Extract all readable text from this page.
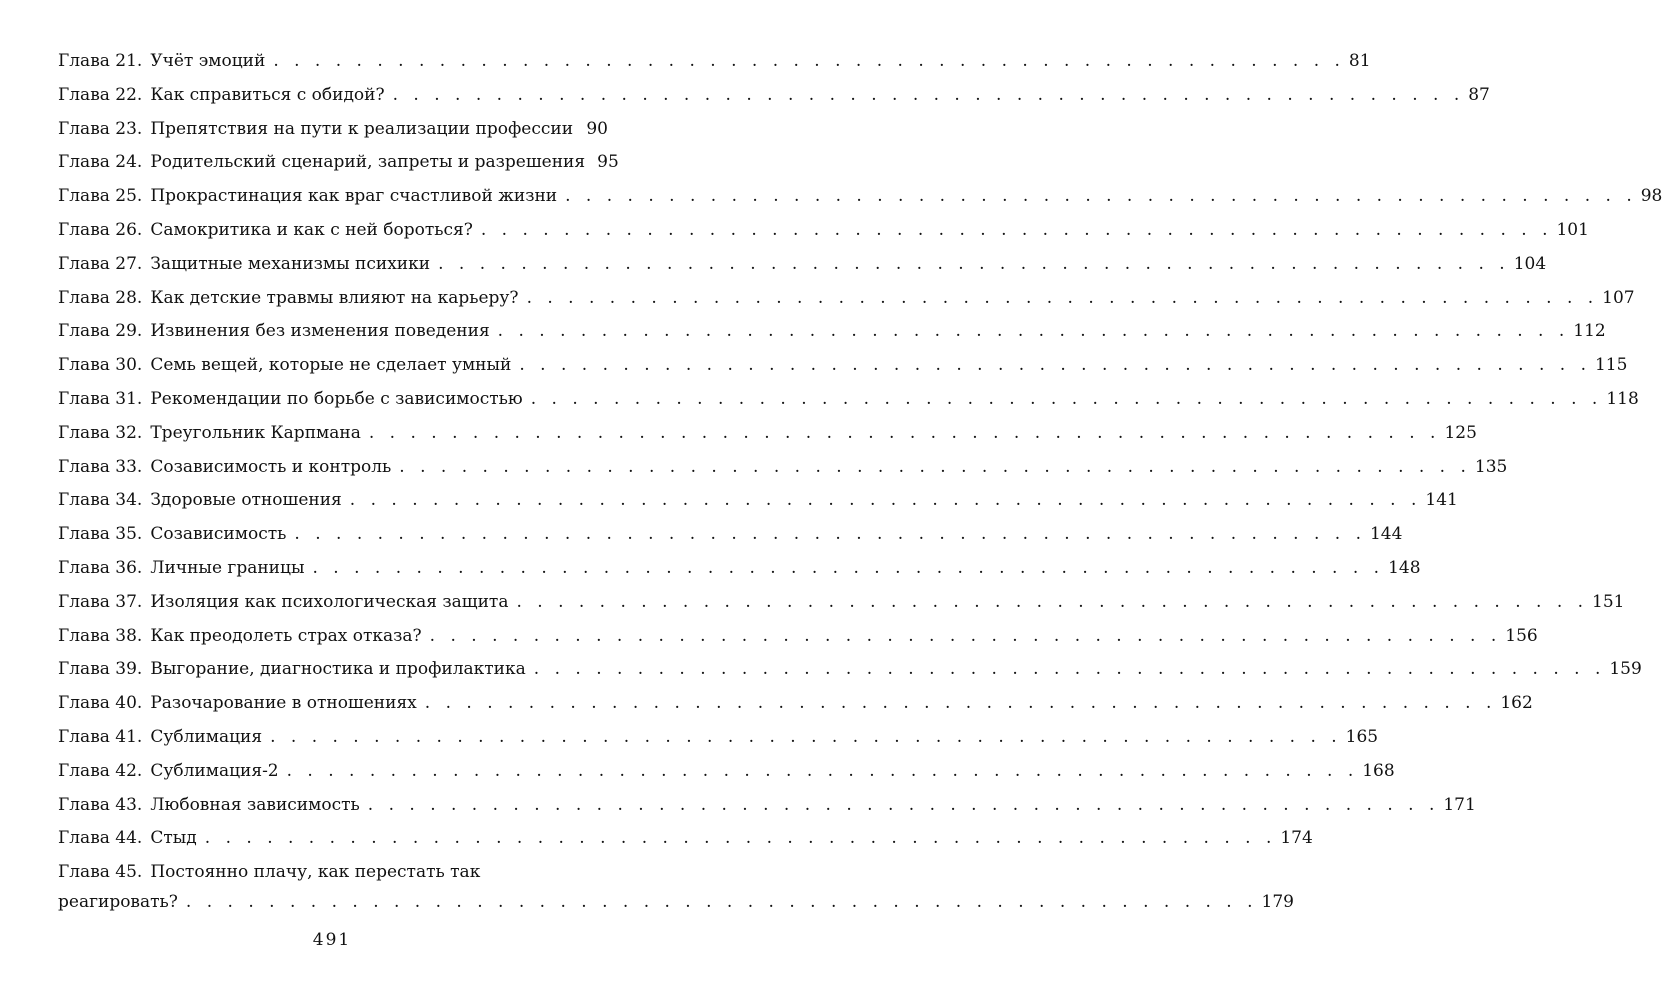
Глава 21. Учёт эмоций . . . . . . . . . . . . . . . . . . . . . . . . . . . . . . . . . . . . . . . . . . . . . . . . . . . . 81
Глава 22. Как справиться с обидой? . . . . . . . . . . . . . . . . . . . . . . . . . . . . . . . . . . . . . . . . . . . . . . . . . . . . 87
Глава 23. Препятствия на пути к реализации профессии 90
Глава 24. Родительский сценарий, запреты и разрешения 95
Глава 25. Прокрастинация как враг счастливой жизни . . . . . . . . . . . . . . . . . . . . . . . . . . . . . . . . . . . . . . . . . . . . . . . . . . . . 98
Глава 26. Самокритика и как с ней бороться? . . . . . . . . . . . . . . . . . . . . . . . . . . . . . . . . . . . . . . . . . . . . . . . . . . . . 101
Глава 27. Защитные механизмы психики . . . . . . . . . . . . . . . . . . . . . . . . . . . . . . . . . . . . . . . . . . . . . . . . . . . . 104
Глава 28. Как детские травмы влияют на карьеру? . . . . . . . . . . . . . . . . . . . . . . . . . . . . . . . . . . . . . . . . . . . . . . . . . . . . 107
Глава 29. Извинения без изменения поведения . . . . . . . . . . . . . . . . . . . . . . . . . . . . . . . . . . . . . . . . . . . . . . . . . . . . 112
Глава 30. Семь вещей, которые не сделает умный . . . . . . . . . . . . . . . . . . . . . . . . . . . . . . . . . . . . . . . . . . . . . . . . . . . . 115
Глава 31. Рекомендации по борьбе с зависимостью . . . . . . . . . . . . . . . . . . . . . . . . . . . . . . . . . . . . . . . . . . . . . . . . . . . . 118
Глава 32. Треугольник Карпмана . . . . . . . . . . . . . . . . . . . . . . . . . . . . . . . . . . . . . . . . . . . . . . . . . . . . 125
Глава 33. Созависимость и контроль . . . . . . . . . . . . . . . . . . . . . . . . . . . . . . . . . . . . . . . . . . . . . . . . . . . . 135
Глава 34. Здоровые отношения . . . . . . . . . . . . . . . . . . . . . . . . . . . . . . . . . . . . . . . . . . . . . . . . . . . . 141
Глава 35. Созависимость . . . . . . . . . . . . . . . . . . . . . . . . . . . . . . . . . . . . . . . . . . . . . . . . . . . . 144
Глава 36. Личные границы . . . . . . . . . . . . . . . . . . . . . . . . . . . . . . . . . . . . . . . . . . . . . . . . . . . . 148
Глава 37. Изоляция как психологическая защита . . . . . . . . . . . . . . . . . . . . . . . . . . . . . . . . . . . . . . . . . . . . . . . . . . . . 151
Глава 38. Как преодолеть страх отказа? . . . . . . . . . . . . . . . . . . . . . . . . . . . . . . . . . . . . . . . . . . . . . . . . . . . . 156
Глава 39. Выгорание, диагностика и профилактика . . . . . . . . . . . . . . . . . . . . . . . . . . . . . . . . . . . . . . . . . . . . . . . . . . . . 159
Глава 40. Разочарование в отношениях . . . . . . . . . . . . . . . . . . . . . . . . . . . . . . . . . . . . . . . . . . . . . . . . . . . . 162
Глава 41. Сублимация . . . . . . . . . . . . . . . . . . . . . . . . . . . . . . . . . . . . . . . . . . . . . . . . . . . . 165
Глава 42. Сублимация-2 . . . . . . . . . . . . . . . . . . . . . . . . . . . . . . . . . . . . . . . . . . . . . . . . . . . . 168
Глава 43. Любовная зависимость . . . . . . . . . . . . . . . . . . . . . . . . . . . . . . . . . . . . . . . . . . . . . . . . . . . . 171
Глава 44. Стыд . . . . . . . . . . . . . . . . . . . . . . . . . . . . . . . . . . . . . . . . . . . . . . . . . . . . 174
Глава 45. Постоянно плачу, как перестать так
реагировать? . . . . . . . . . . . . . . . . . . . . . . . . . . . . . . . . . . . . . . . . . . . . . . . . . . . . 179
491
